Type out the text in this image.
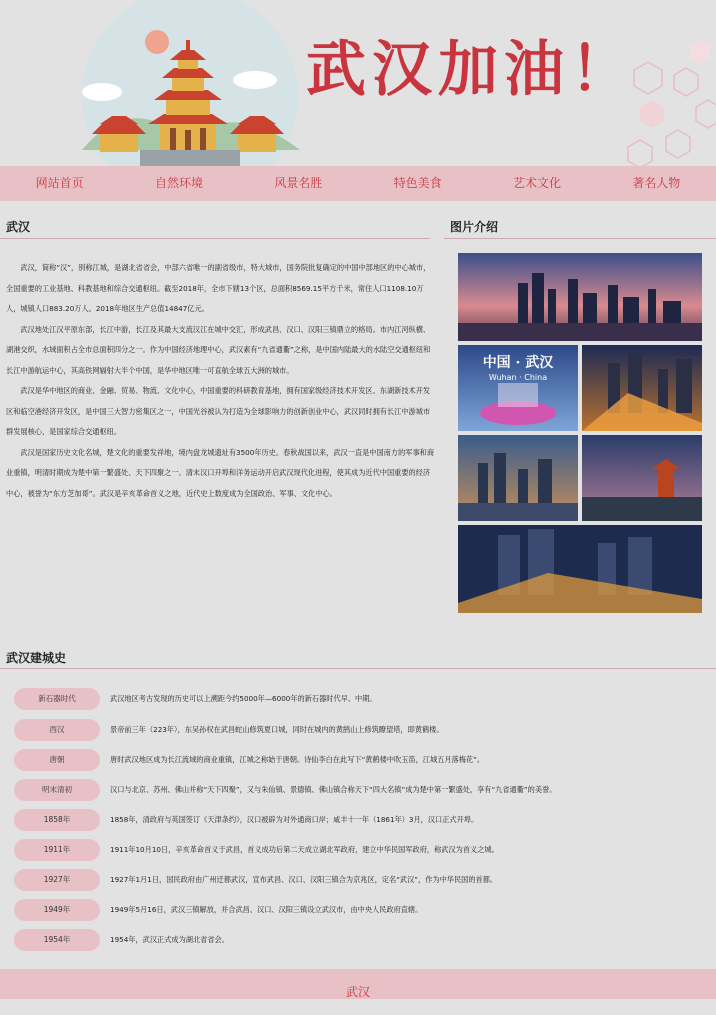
武汉加油！
网站首页	自然环境	风景名胜	特色美食	艺术文化	著名人物
武汉

武汉，简称“汉”，别称江城，是湖北省省会，中部六省唯一的副省级市，特大城市，国务院批复确定的中国中部地区的中心城市，全国重要的工业基地、科教基地和综合交通枢纽。截至2018年，全市下辖13个区，总面积8569.15平方千米，常住人口1108.10万人，城镇人口883.20万人。2018年地区生产总值14847亿元。

武汉地处江汉平原东部，长江中游，长江及其最大支流汉江在城中交汇，形成武昌、汉口、汉阳三镇鼎立的格局。市内江河纵横、湖港交织，水域面积占全市总面积四分之一。作为中国经济地理中心，武汉素有“九省通衢”之称，是中国内陆最大的水陆空交通枢纽和长江中游航运中心，其高铁网辐射大半个中国，是华中地区唯一可直航全球五大洲的城市。

武汉是华中地区的商业、金融、贸易、物流、文化中心，中国重要的科研教育基地，拥有国家级经济技术开发区、东湖新技术开发区和临空港经济开发区，是中国三大智力密集区之一，中国光谷被认为打造为全球影响力的创新创业中心，武汉同时拥有长江中游城市群发展核心，是国家综合交通枢纽。

武汉是国家历史文化名城，楚文化的重要发祥地，境内盘龙城遗址有3500年历史。春秋战国以来，武汉一直是中国南方的军事和商业重镇，明清时期成为楚中第一繁盛处、天下四聚之一。清末汉口开埠和洋务运动开启武汉现代化进程，使其成为近代中国重要的经济中心，被誉为“东方芝加哥”。武汉是辛亥革命首义之地，近代史上数度成为全国政治、军事、文化中心。

图片介绍
中国 · 武汉
Wuhan · China
武汉建城史
新石器时代	武汉地区考古发现的历史可以上溯距今约5000年—6000年的新石器时代早、中期。
西汉	景帝前三年（223年），东吴孙权在武昌蛇山修筑夏口城，同时在城内的黄鹄山上修筑瞭望塔，即黄鹤楼。
唐朝	唐时武汉地区成为长江流域的商业重镇，江城之称始于唐朝。诗仙李白在此写下“黄鹤楼中吹玉笛，江城五月落梅花”。
明末清初	汉口与北京、苏州、佛山并称“天下四聚”，又与朱仙镇、景德镇、佛山镇合称天下“四大名镇”成为楚中第一繁盛处，享有“九省通衢”的美誉。
1858年	1858年，清政府与英国签订《天津条约》，汉口被辟为对外通商口岸；咸丰十一年（1861年）3月，汉口正式开埠。
1911年	1911年10月10日，辛亥革命首义于武昌，首义成功后第二天成立湖北军政府，建立中华民国军政府，称武汉为首义之城。
1927年	1927年1月1日，国民政府由广州迁都武汉，宣布武昌、汉口、汉阳三镇合为京兆区，定名“武汉”，作为中华民国的首都。
1949年	1949年5月16日，武汉三镇解放，并合武昌、汉口、汉阳三镇设立武汉市，由中央人民政府直辖。
1954年	1954年，武汉正式成为湖北省省会。
武汉
